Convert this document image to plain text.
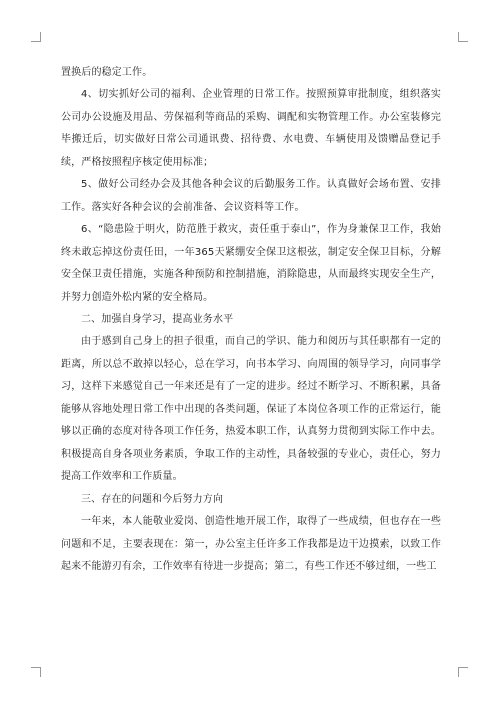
置换后的稳定工作。

4、切实抓好公司的福利、企业管理的日常工作。按照预算审批制度，组织落实公司办公设施及用品、劳保福利等商品的采购、调配和实物管理工作。办公室装修完毕搬迁后，切实做好日常公司通讯费、招待费、水电费、车辆使用及馈赠品登记手续，严格按照程序核定使用标准；

5、做好公司经办会及其他各种会议的后勤服务工作。认真做好会场布置、安排工作。落实好各种会议的会前准备、会议资料等工作。

6、“隐患险于明火，防范胜于救灾，责任重于泰山”，作为身兼保卫工作，我始终未敢忘掉这份责任田，一年365天紧绷安全保卫这根弦，制定安全保卫目标，分解安全保卫责任措施，实施各种预防和控制措施，消除隐患，从而最终实现安全生产，并努力创造外松内紧的安全格局。

二、加强自身学习，提高业务水平

由于感到自己身上的担子很重，而自己的学识、能力和阅历与其任职都有一定的距离，所以总不敢掉以轻心，总在学习，向书本学习、向周围的领导学习，向同事学习，这样下来感觉自己一年来还是有了一定的进步。经过不断学习、不断积累，具备能够从容地处理日常工作中出现的各类问题，保证了本岗位各项工作的正常运行，能够以正确的态度对待各项工作任务，热爱本职工作，认真努力贯彻到实际工作中去。积极提高自身各项业务素质，争取工作的主动性，具备较强的专业心，责任心，努力提高工作效率和工作质量。

三、存在的问题和今后努力方向

一年来，本人能敬业爱岗、创造性地开展工作，取得了一些成绩，但也存在一些问题和不足，主要表现在：第一，办公室主任许多工作我都是边干边摸索，以致工作起来不能游刃有余，工作效率有待进一步提高；第二，有些工作还不够过细，一些工
